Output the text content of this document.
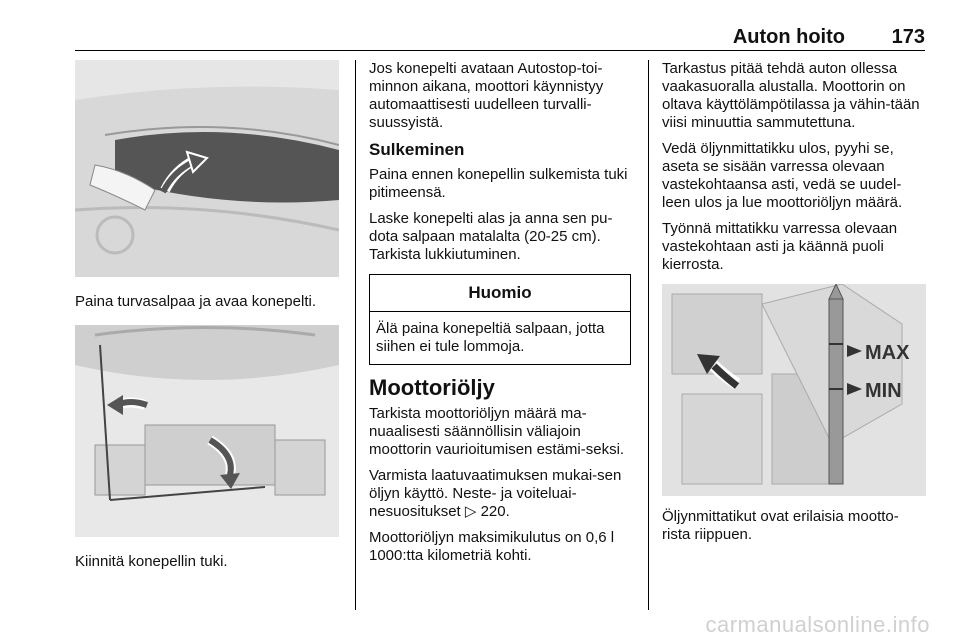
Auton hoito 173

Paina turvasalpaa ja avaa konepelti.

Kiinnitä konepellin tuki.

Jos konepelti avataan Autostop-toi-minnon aikana, moottori käynnistyy automaattisesti uudelleen turvalli-suussyistä.

Sulkeminen

Paina ennen konepellin sulkemista tuki pitimeensä.

Laske konepelti alas ja anna sen pu-dota salpaan matalalta (20-25 cm). Tarkista lukkiutuminen.

Huomio
Älä paina konepeltiä salpaan, jotta siihen ei tule lommoja.
Moottoriöljy

Tarkista moottoriöljyn määrä ma-nuaalisesti säännöllisin väliajoin moottorin vaurioitumisen estämi-seksi.

Varmista laatuvaatimuksen mukai-sen öljyn käyttö. Neste- ja voiteluai-nesuositukset ▷ 220.

Moottoriöljyn maksimikulutus on 0,6 l 1000:tta kilometriä kohti.

Tarkastus pitää tehdä auton ollessa vaakasuoralla alustalla. Moottorin on oltava käyttölämpötilassa ja vähin-tään viisi minuuttia sammutettuna.

Vedä öljynmittatikku ulos, pyyhi se, aseta se sisään varressa olevaan vastekohtaansa asti, vedä se uudel-leen ulos ja lue moottoriöljyn määrä.

Työnnä mittatikku varressa olevaan vastekohtaan asti ja käännä puoli kierrosta.

MAX
MIN

Öljynmittatikut ovat erilaisia mootto-rista riippuen.

carmanualsonline.info
